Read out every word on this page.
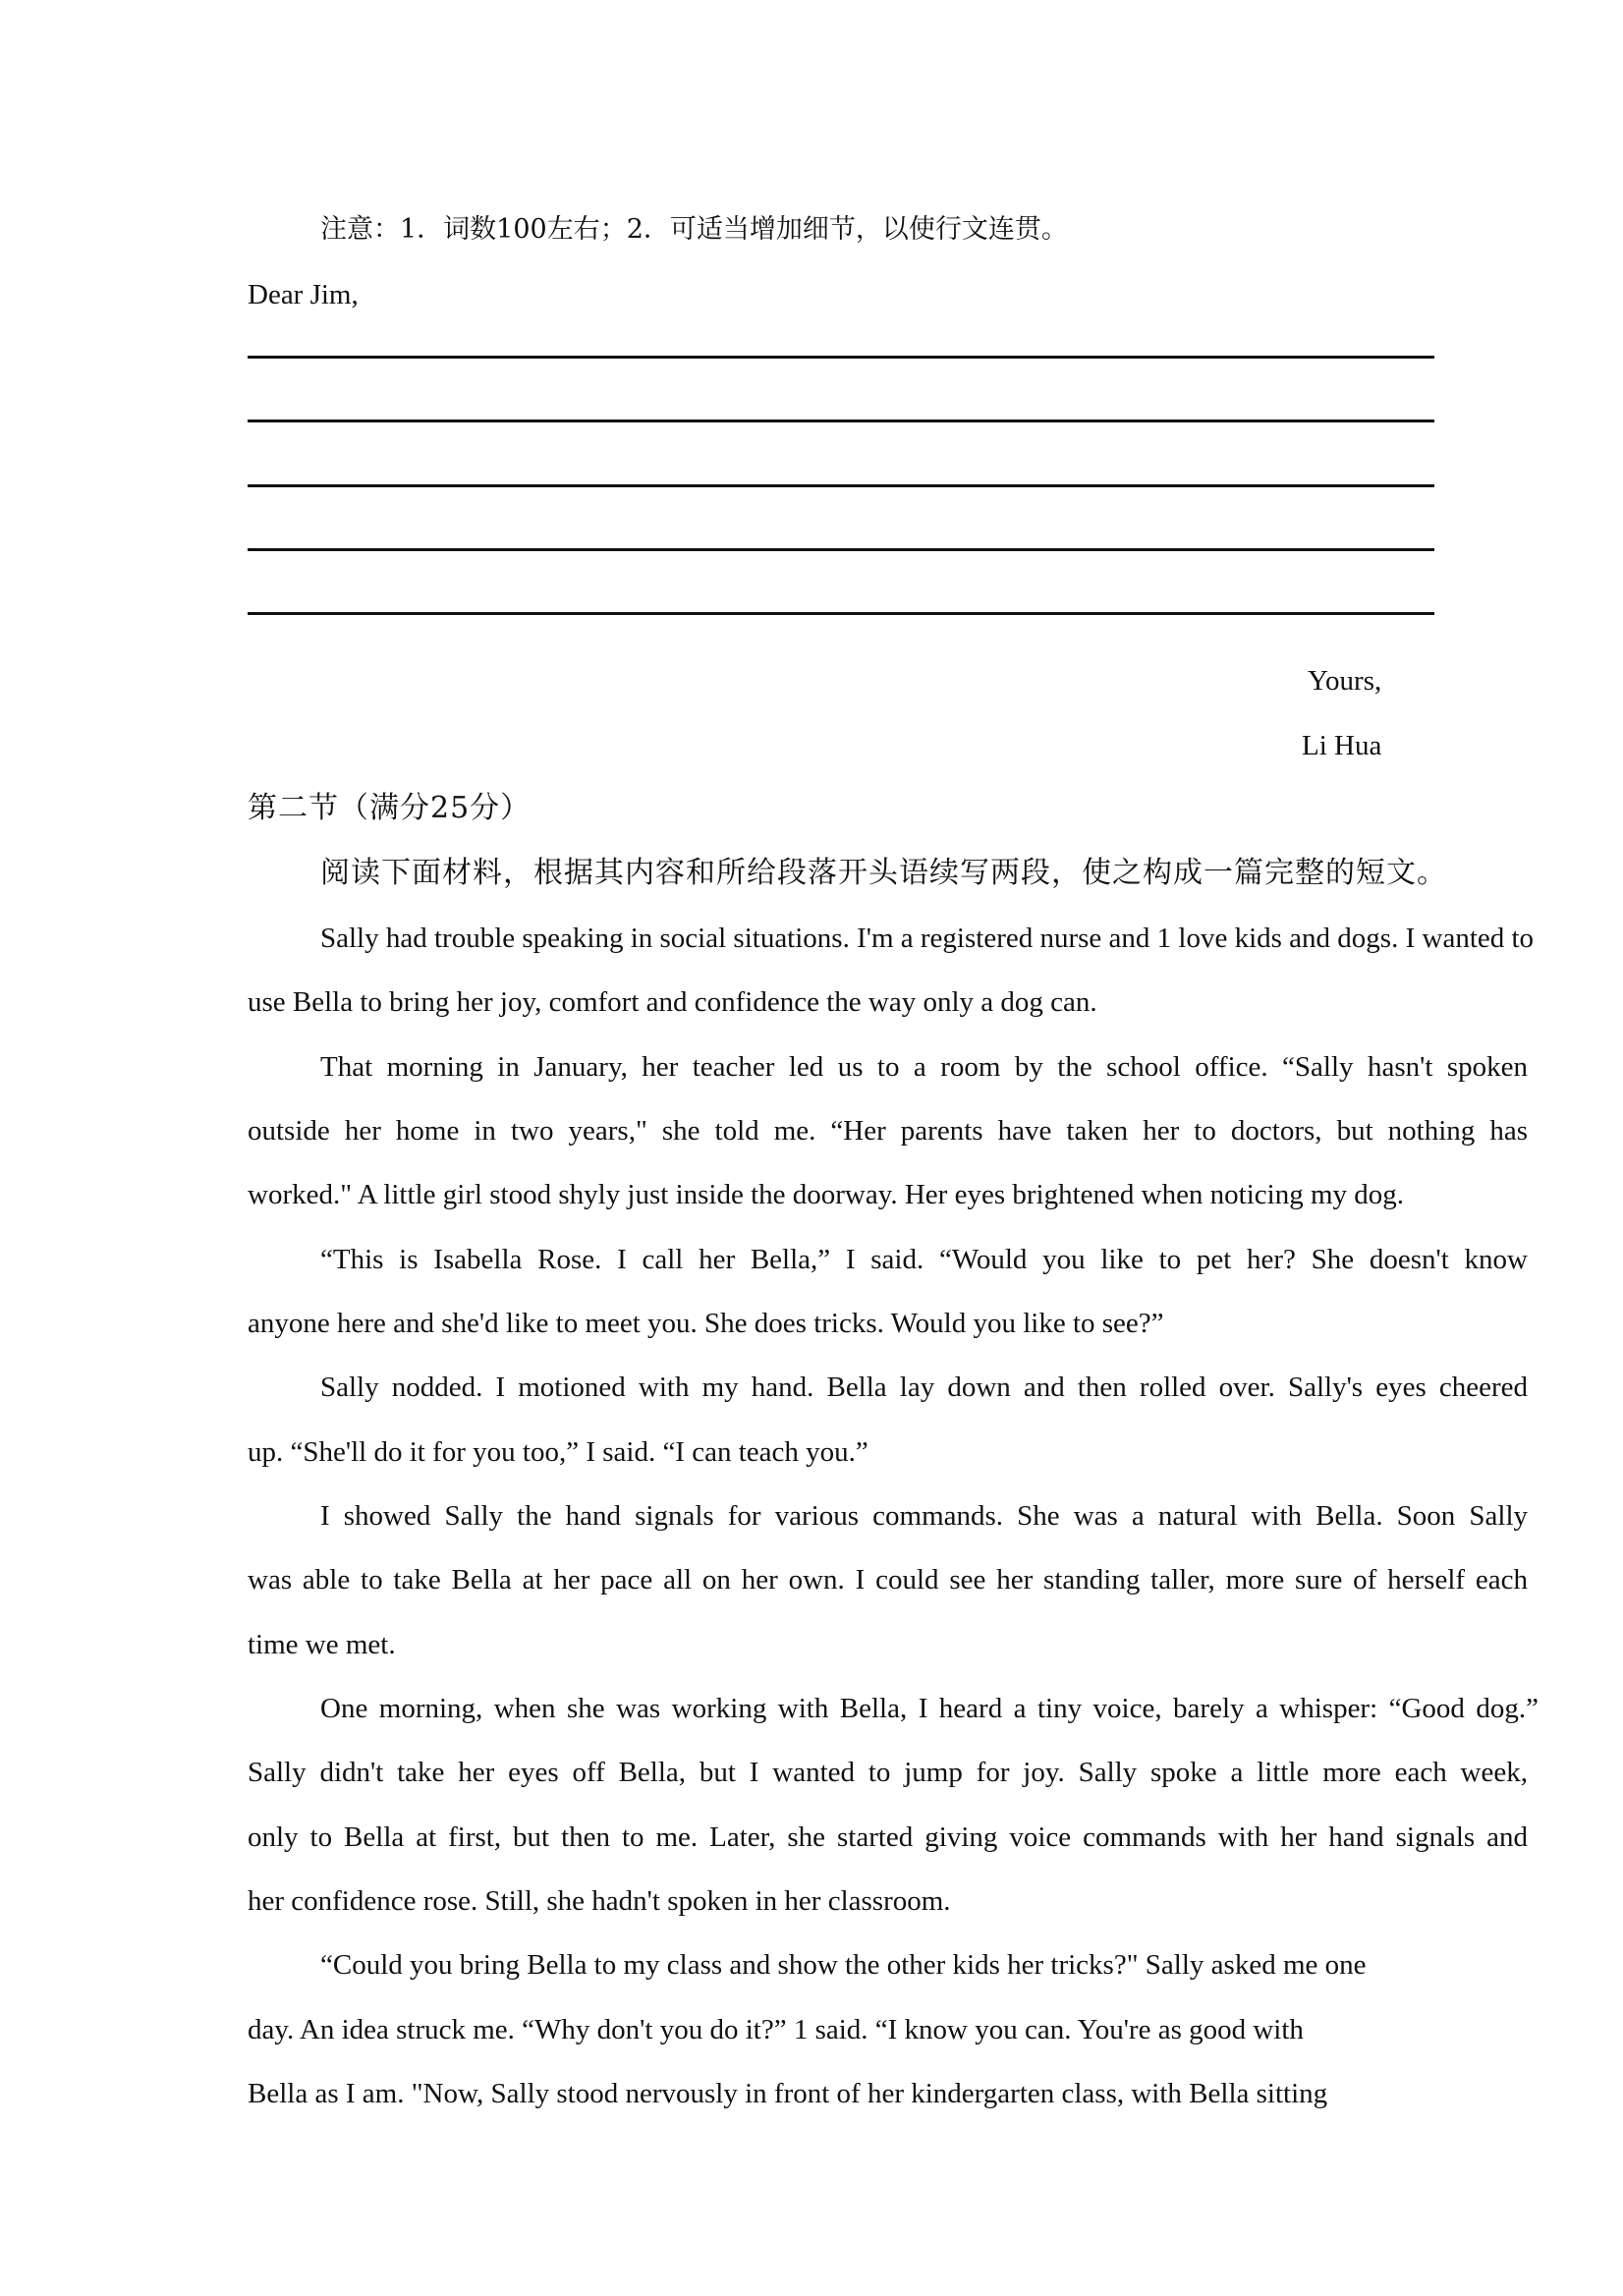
注意：1．词数100左右；2．可适当增加细节，以使行文连贯。
Dear Jim,
Yours,
Li Hua
第二节（满分25分）
阅读下面材料，根据其内容和所给段落开头语续写两段，使之构成一篇完整的短文。
Sally had trouble speaking in social situations. I'm a registered nurse and 1 love kids and dogs. I wanted to
use Bella to bring her joy, comfort and confidence the way only a dog can.
That morning in January, her teacher led us to a room by the school office. “Sally hasn't spoken
outside her home in two years," she told me. “Her parents have taken her to doctors, but nothing has
worked." A little girl stood shyly just inside the doorway. Her eyes brightened when noticing my dog.
“This is Isabella Rose. I call her Bella,” I said. “Would you like to pet her? She doesn't know
anyone here and she'd like to meet you. She does tricks. Would you like to see?”
Sally nodded. I motioned with my hand. Bella lay down and then rolled over. Sally's eyes cheered
up. “She'll do it for you too,” I said. “I can teach you.”
I showed Sally the hand signals for various commands. She was a natural with Bella. Soon Sally
was able to take Bella at her pace all on her own. I could see her standing taller, more sure of herself each
time we met.
One morning, when she was working with Bella, I heard a tiny voice, barely a whisper: “Good dog.”
Sally didn't take her eyes off Bella, but I wanted to jump for joy. Sally spoke a little more each week,
only to Bella at first, but then to me. Later, she started giving voice commands with her hand signals and
her confidence rose. Still, she hadn't spoken in her classroom.
“Could you bring Bella to my class and show the other kids her tricks?" Sally asked me one
day. An idea struck me. “Why don't you do it?” 1 said. “I know you can. You're as good with
Bella as I am. "Now, Sally stood nervously in front of her kindergarten class, with Bella sitting
